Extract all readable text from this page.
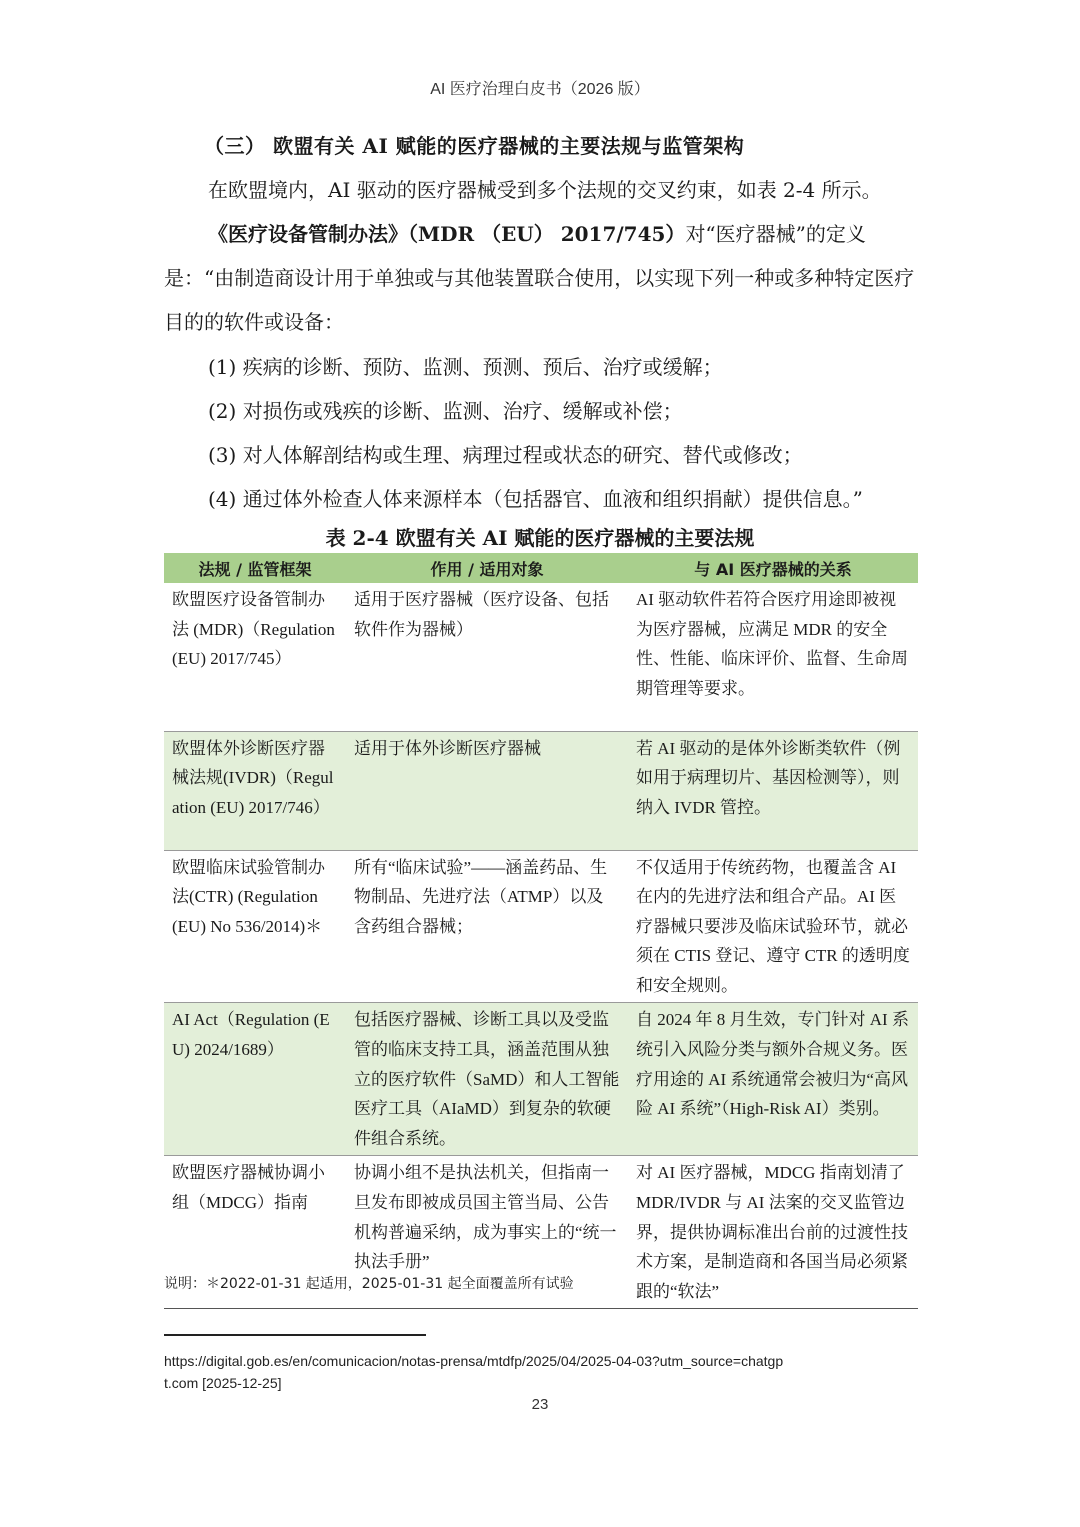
AI 医疗治理白皮书（2026 版）
（三） 欧盟有关 AI 赋能的医疗器械的主要法规与监管架构
在欧盟境内，AI 驱动的医疗器械受到多个法规的交叉约束，如表 2-4 所示。
《医疗设备管制办法》（MDR （EU） 2017/745）对“医疗器械”的定义是：“由制造商设计用于单独或与其他装置联合使用，以实现下列一种或多种特定医疗目的的软件或设备：
(1) 疾病的诊断、预防、监测、预测、预后、治疗或缓解；
(2) 对损伤或残疾的诊断、监测、治疗、缓解或补偿；
(3) 对人体解剖结构或生理、病理过程或状态的研究、替代或修改；
(4) 通过体外检查人体来源样本（包括器官、血液和组织捐献）提供信息。”
表 2-4 欧盟有关 AI 赋能的医疗器械的主要法规
法规 / 监管框架	作用 / 适用对象	与 AI 医疗器械的关系
欧盟医疗设备管制办法 (MDR)（Regulation (EU) 2017/745）	适用于医疗器械（医疗设备、包括软件作为器械）	AI 驱动软件若符合医疗用途即被视为医疗器械，应满足 MDR 的安全性、性能、临床评价、监督、生命周期管理等要求。
欧盟体外诊断医疗器械法规(IVDR)（Regulation (EU) 2017/746）	适用于体外诊断医疗器械	若 AI 驱动的是体外诊断类软件（例如用于病理切片、基因检测等），则纳入 IVDR 管控。
欧盟临床试验管制办法(CTR) (Regulation (EU) No 536/2014)＊	所有“临床试验”——涵盖药品、生物制品、先进疗法（ATMP）以及含药组合器械；	不仅适用于传统药物，也覆盖含 AI 在内的先进疗法和组合产品。AI 医疗器械只要涉及临床试验环节，就必须在 CTIS 登记、遵守 CTR 的透明度和安全规则。
AI Act（Regulation (EU) 2024/1689）	包括医疗器械、诊断工具以及受监管的临床支持工具，涵盖范围从独立的医疗软件（SaMD）和人工智能医疗工具（AIaMD）到复杂的软硬件组合系统。	自 2024 年 8 月生效，专门针对 AI 系统引入风险分类与额外合规义务。医疗用途的 AI 系统通常会被归为“高风险 AI 系统”（High-Risk AI）类别。
欧盟医疗器械协调小组（MDCG）指南	协调小组不是执法机关，但指南一旦发布即被成员国主管当局、公告机构普遍采纳，成为事实上的“统一执法手册”	对 AI 医疗器械，MDCG 指南划清了 MDR/IVDR 与 AI 法案的交叉监管边界，提供协调标准出台前的过渡性技术方案，是制造商和各国当局必须紧跟的“软法”
说明：＊2022-01-31 起适用，2025-01-31 起全面覆盖所有试验
https://digital.gob.es/en/comunicacion/notas-prensa/mtdfp/2025/04/2025-04-03?utm_source=chatgpt.com [2025-12-25]
23
